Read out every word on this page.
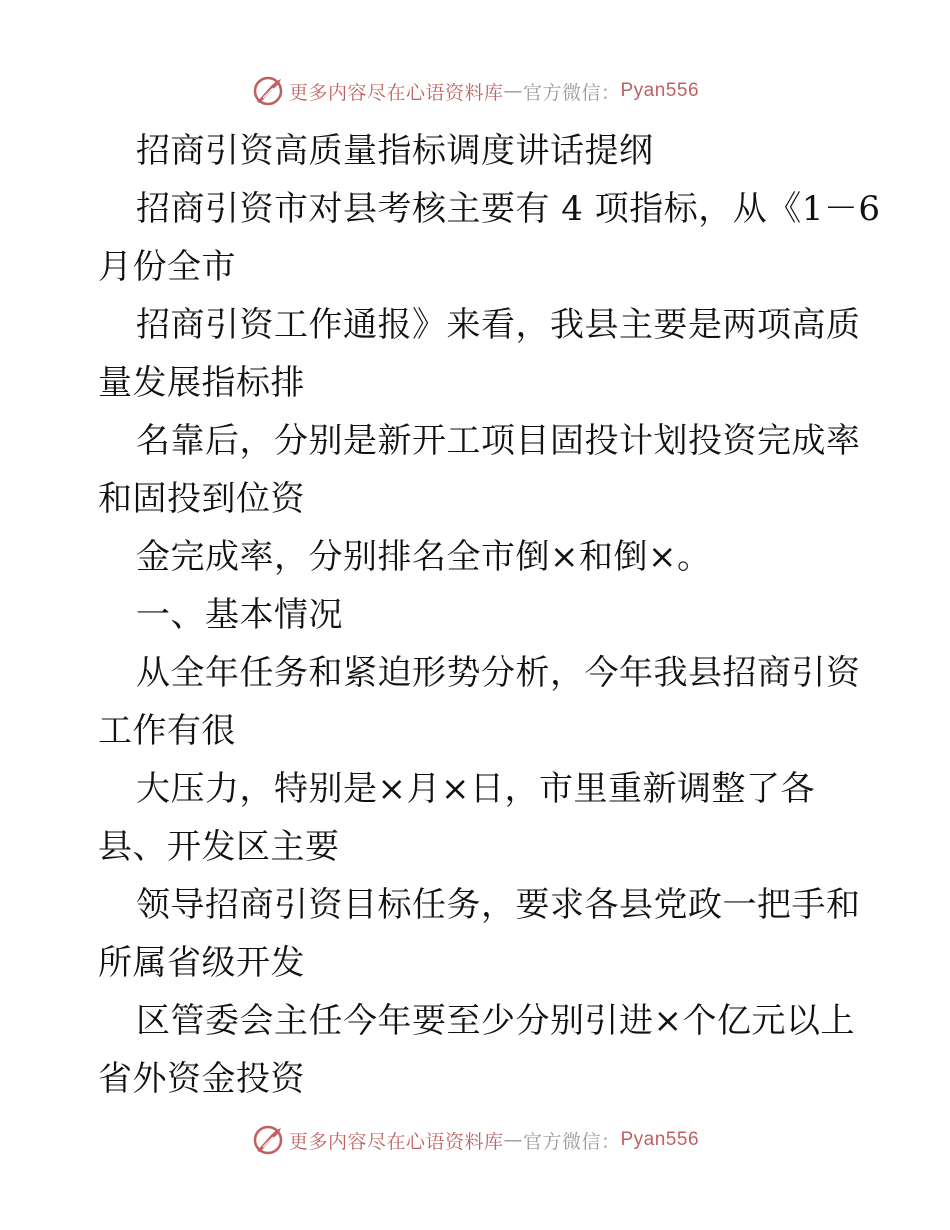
更多内容尽在心语资料库 — 官方微信： Pyan556
招商引资高质量指标调度讲话提纲
招商引资市对县考核主要有 4 项指标，从《1－6
月份全市
招商引资工作通报》来看，我县主要是两项高质
量发展指标排
名靠后，分别是新开工项目固投计划投资完成率
和固投到位资
金完成率，分别排名全市倒×和倒×。
一、基本情况
从全年任务和紧迫形势分析，今年我县招商引资
工作有很
大压力，特别是×月×日，市里重新调整了各
县、开发区主要
领导招商引资目标任务，要求各县党政一把手和
所属省级开发
区管委会主任今年要至少分别引进×个亿元以上
省外资金投资
更多内容尽在心语资料库 — 官方微信： Pyan556
